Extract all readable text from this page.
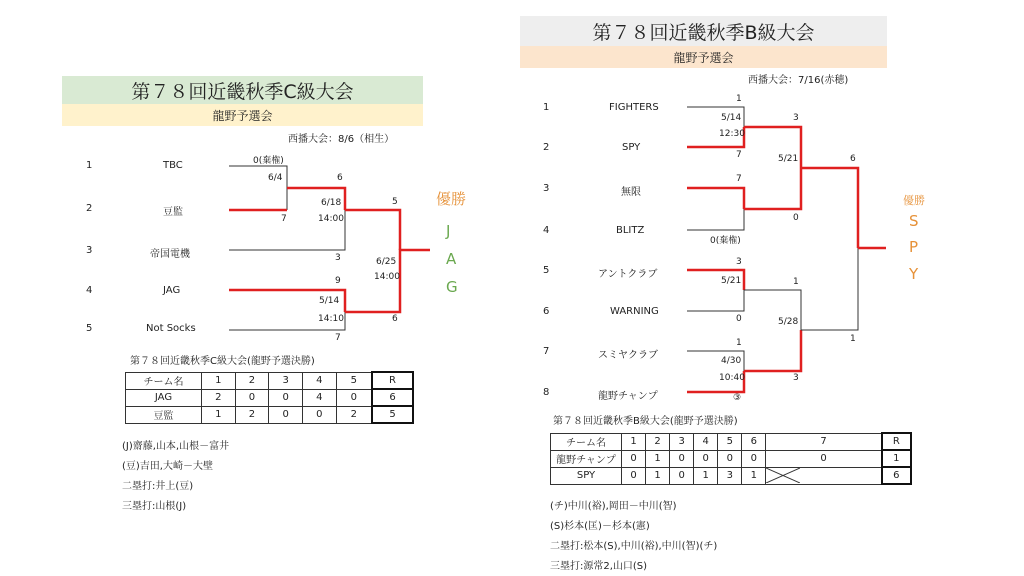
第７８回近畿秋季C級大会
龍野予選会
西播大会：8/6（相生）
1
2
3
4
5
TBC
豆監
帝国電機
JAG
Not Socks
0(棄権)
6/4
7
6
6/18
14:00
3
9
5/14
14:10
7
5
6/25
14:00
6
優勝
J
A
G
第７８回近畿秋季C級大会(龍野予選決勝)
チーム名	1	2	3	4	5	R
JAG	2	0	0	4	0	6
豆監	1	2	0	0	2	5
(J)齋藤,山本,山根－富井
(豆)吉田,大崎－大壁
二塁打:井上(豆)
三塁打:山根(J)
第７８回近畿秋季B級大会
龍野予選会
西播大会：7/16(赤穂)
1
2
3
4
5
6
7
8
FIGHTERS
SPY
無限
BLITZ
アントクラブ
WARNING
スミヤクラブ
龍野チャンプ
1
5/14
12:30
7
7
0
0(棄権)
3
5/21	6
3
5/21
0
1
5/28
1
1
4/30
10:40	3
③
優勝
S
P
Y
第７８回近畿秋季B級大会(龍野予選決勝)
チーム名	1	2	3	4	5	6	7	R
龍野チャンプ	0	1	0	0	0	0	0	1
SPY	0	1	0	1	3	1		6
(チ)中川(裕),岡田－中川(智)
(S)杉本(匡)－杉本(憲)
二塁打:松本(S),中川(裕),中川(智)(チ)
三塁打:源常2,山口(S)
